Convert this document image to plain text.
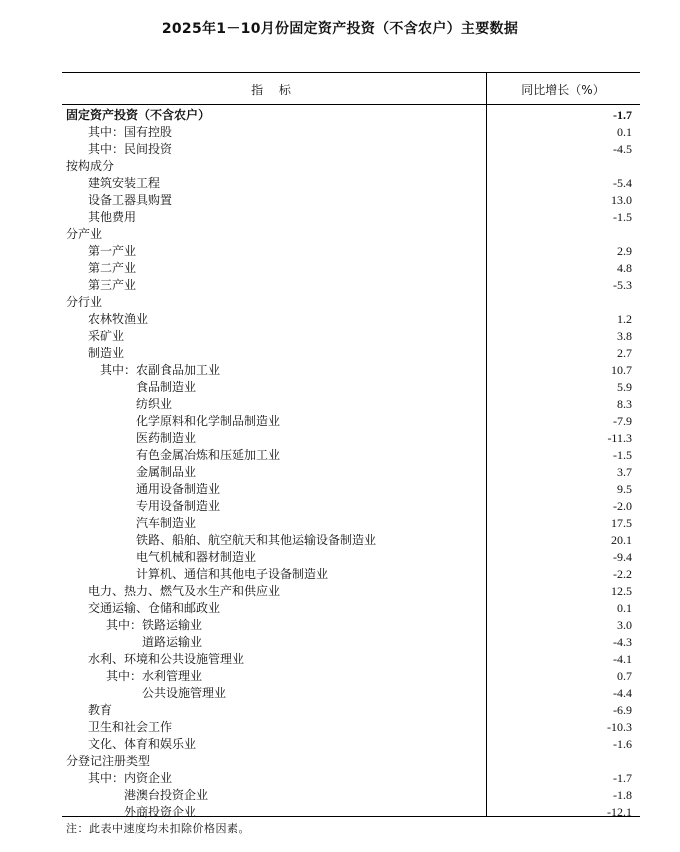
2025年1－10月份固定资产投资（不含农户）主要数据
指 标	同比增长（%）
固定资产投资（不含农户）	-1.7
其中：国有控股	0.1
其中：民间投资	-4.5
按构成分
建筑安装工程	-5.4
设备工器具购置	13.0
其他费用	-1.5
分产业
第一产业	2.9
第二产业	4.8
第三产业	-5.3
分行业
农林牧渔业	1.2
采矿业	3.8
制造业	2.7
其中：农副食品加工业	10.7
食品制造业	5.9
纺织业	8.3
化学原料和化学制品制造业	-7.9
医药制造业	-11.3
有色金属冶炼和压延加工业	-1.5
金属制品业	3.7
通用设备制造业	9.5
专用设备制造业	-2.0
汽车制造业	17.5
铁路、船舶、航空航天和其他运输设备制造业	20.1
电气机械和器材制造业	-9.4
计算机、通信和其他电子设备制造业	-2.2
电力、热力、燃气及水生产和供应业	12.5
交通运输、仓储和邮政业	0.1
其中：铁路运输业	3.0
道路运输业	-4.3
水利、环境和公共设施管理业	-4.1
其中：水利管理业	0.7
公共设施管理业	-4.4
教育	-6.9
卫生和社会工作	-10.3
文化、体育和娱乐业	-1.6
分登记注册类型
其中：内资企业	-1.7
港澳台投资企业	-1.8
外商投资企业	-12.1
注：此表中速度均未扣除价格因素。
